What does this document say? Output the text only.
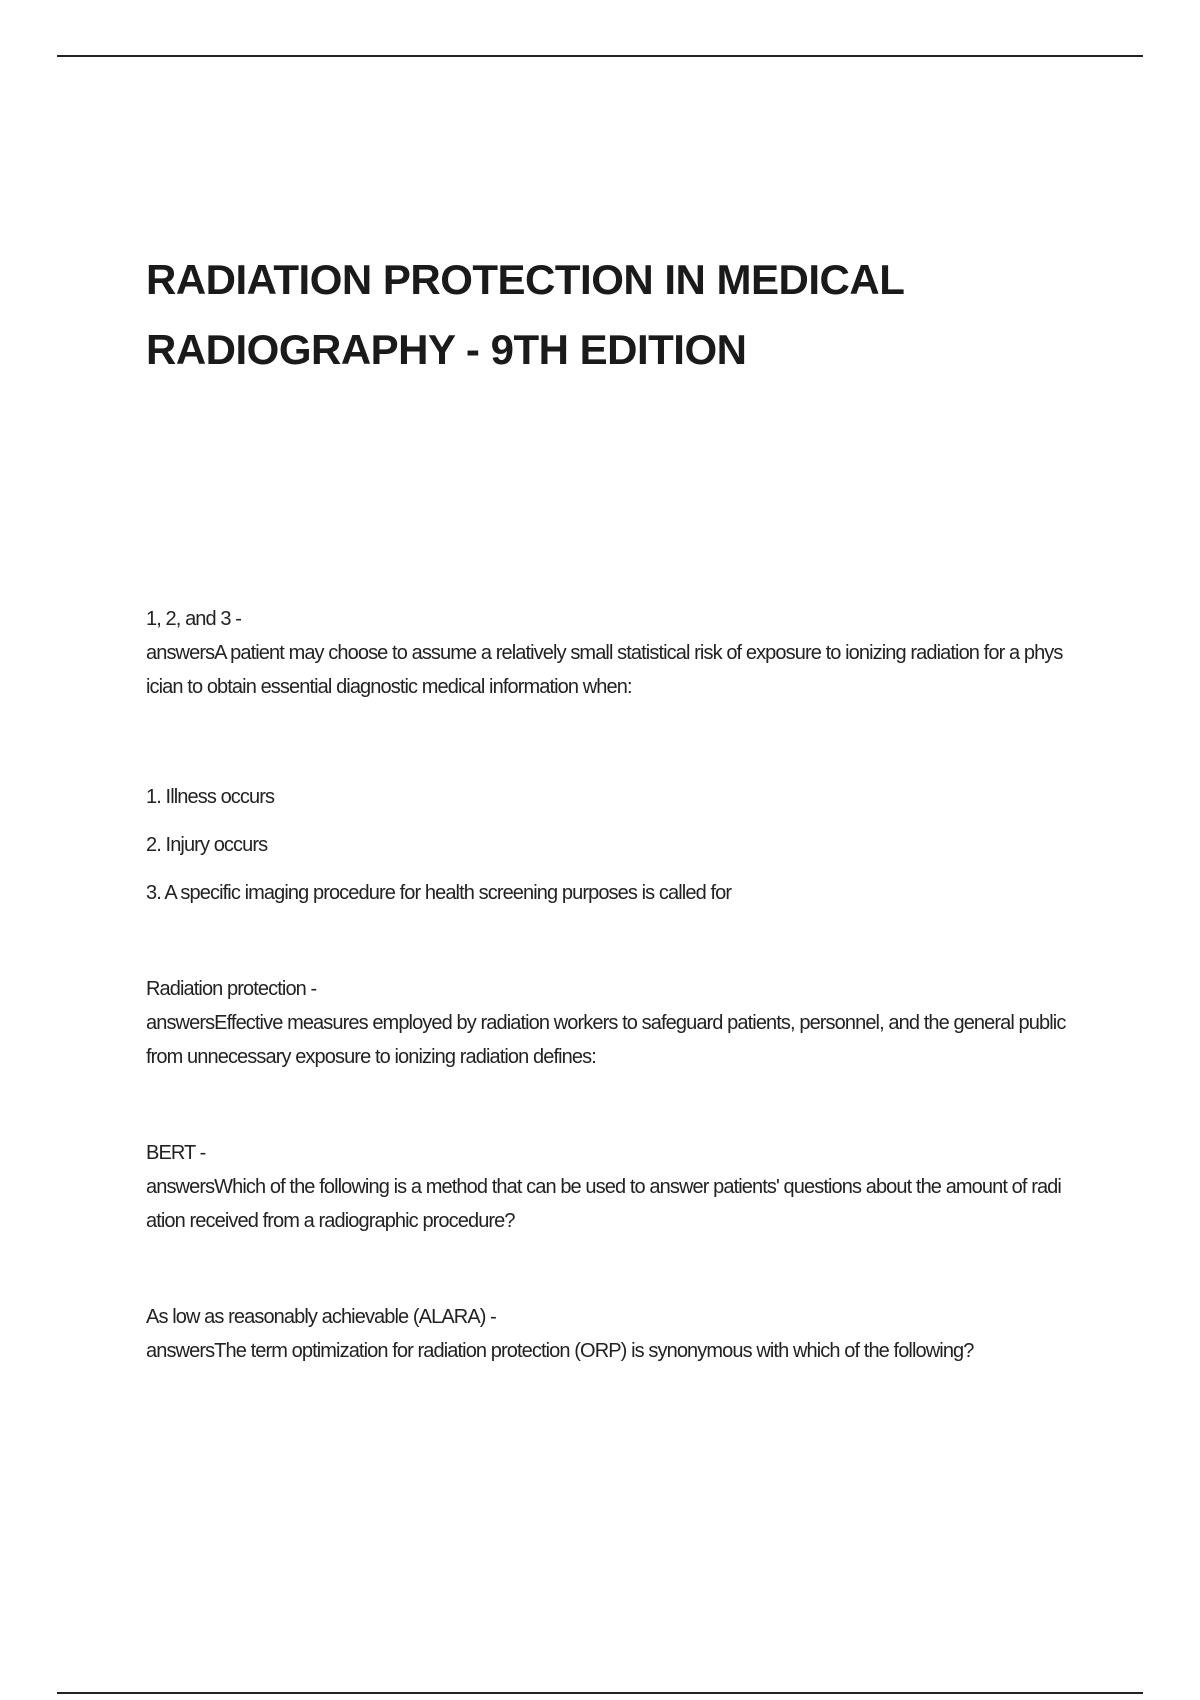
RADIATION PROTECTION IN MEDICAL RADIOGRAPHY - 9TH EDITION

1, 2, and 3 -

answersA patient may choose to assume a relatively small statistical risk of exposure to ionizing radiation for a physician to obtain essential diagnostic medical information when:

1. Illness occurs

2. Injury occurs

3. A specific imaging procedure for health screening purposes is called for

Radiation protection -

answersEffective measures employed by radiation workers to safeguard patients, personnel, and the general public from unnecessary exposure to ionizing radiation defines:

BERT -

answersWhich of the following is a method that can be used to answer patients' questions about the amount of radiation received from a radiographic procedure?

As low as reasonably achievable (ALARA) -

answersThe term optimization for radiation protection (ORP) is synonymous with which of the following?
